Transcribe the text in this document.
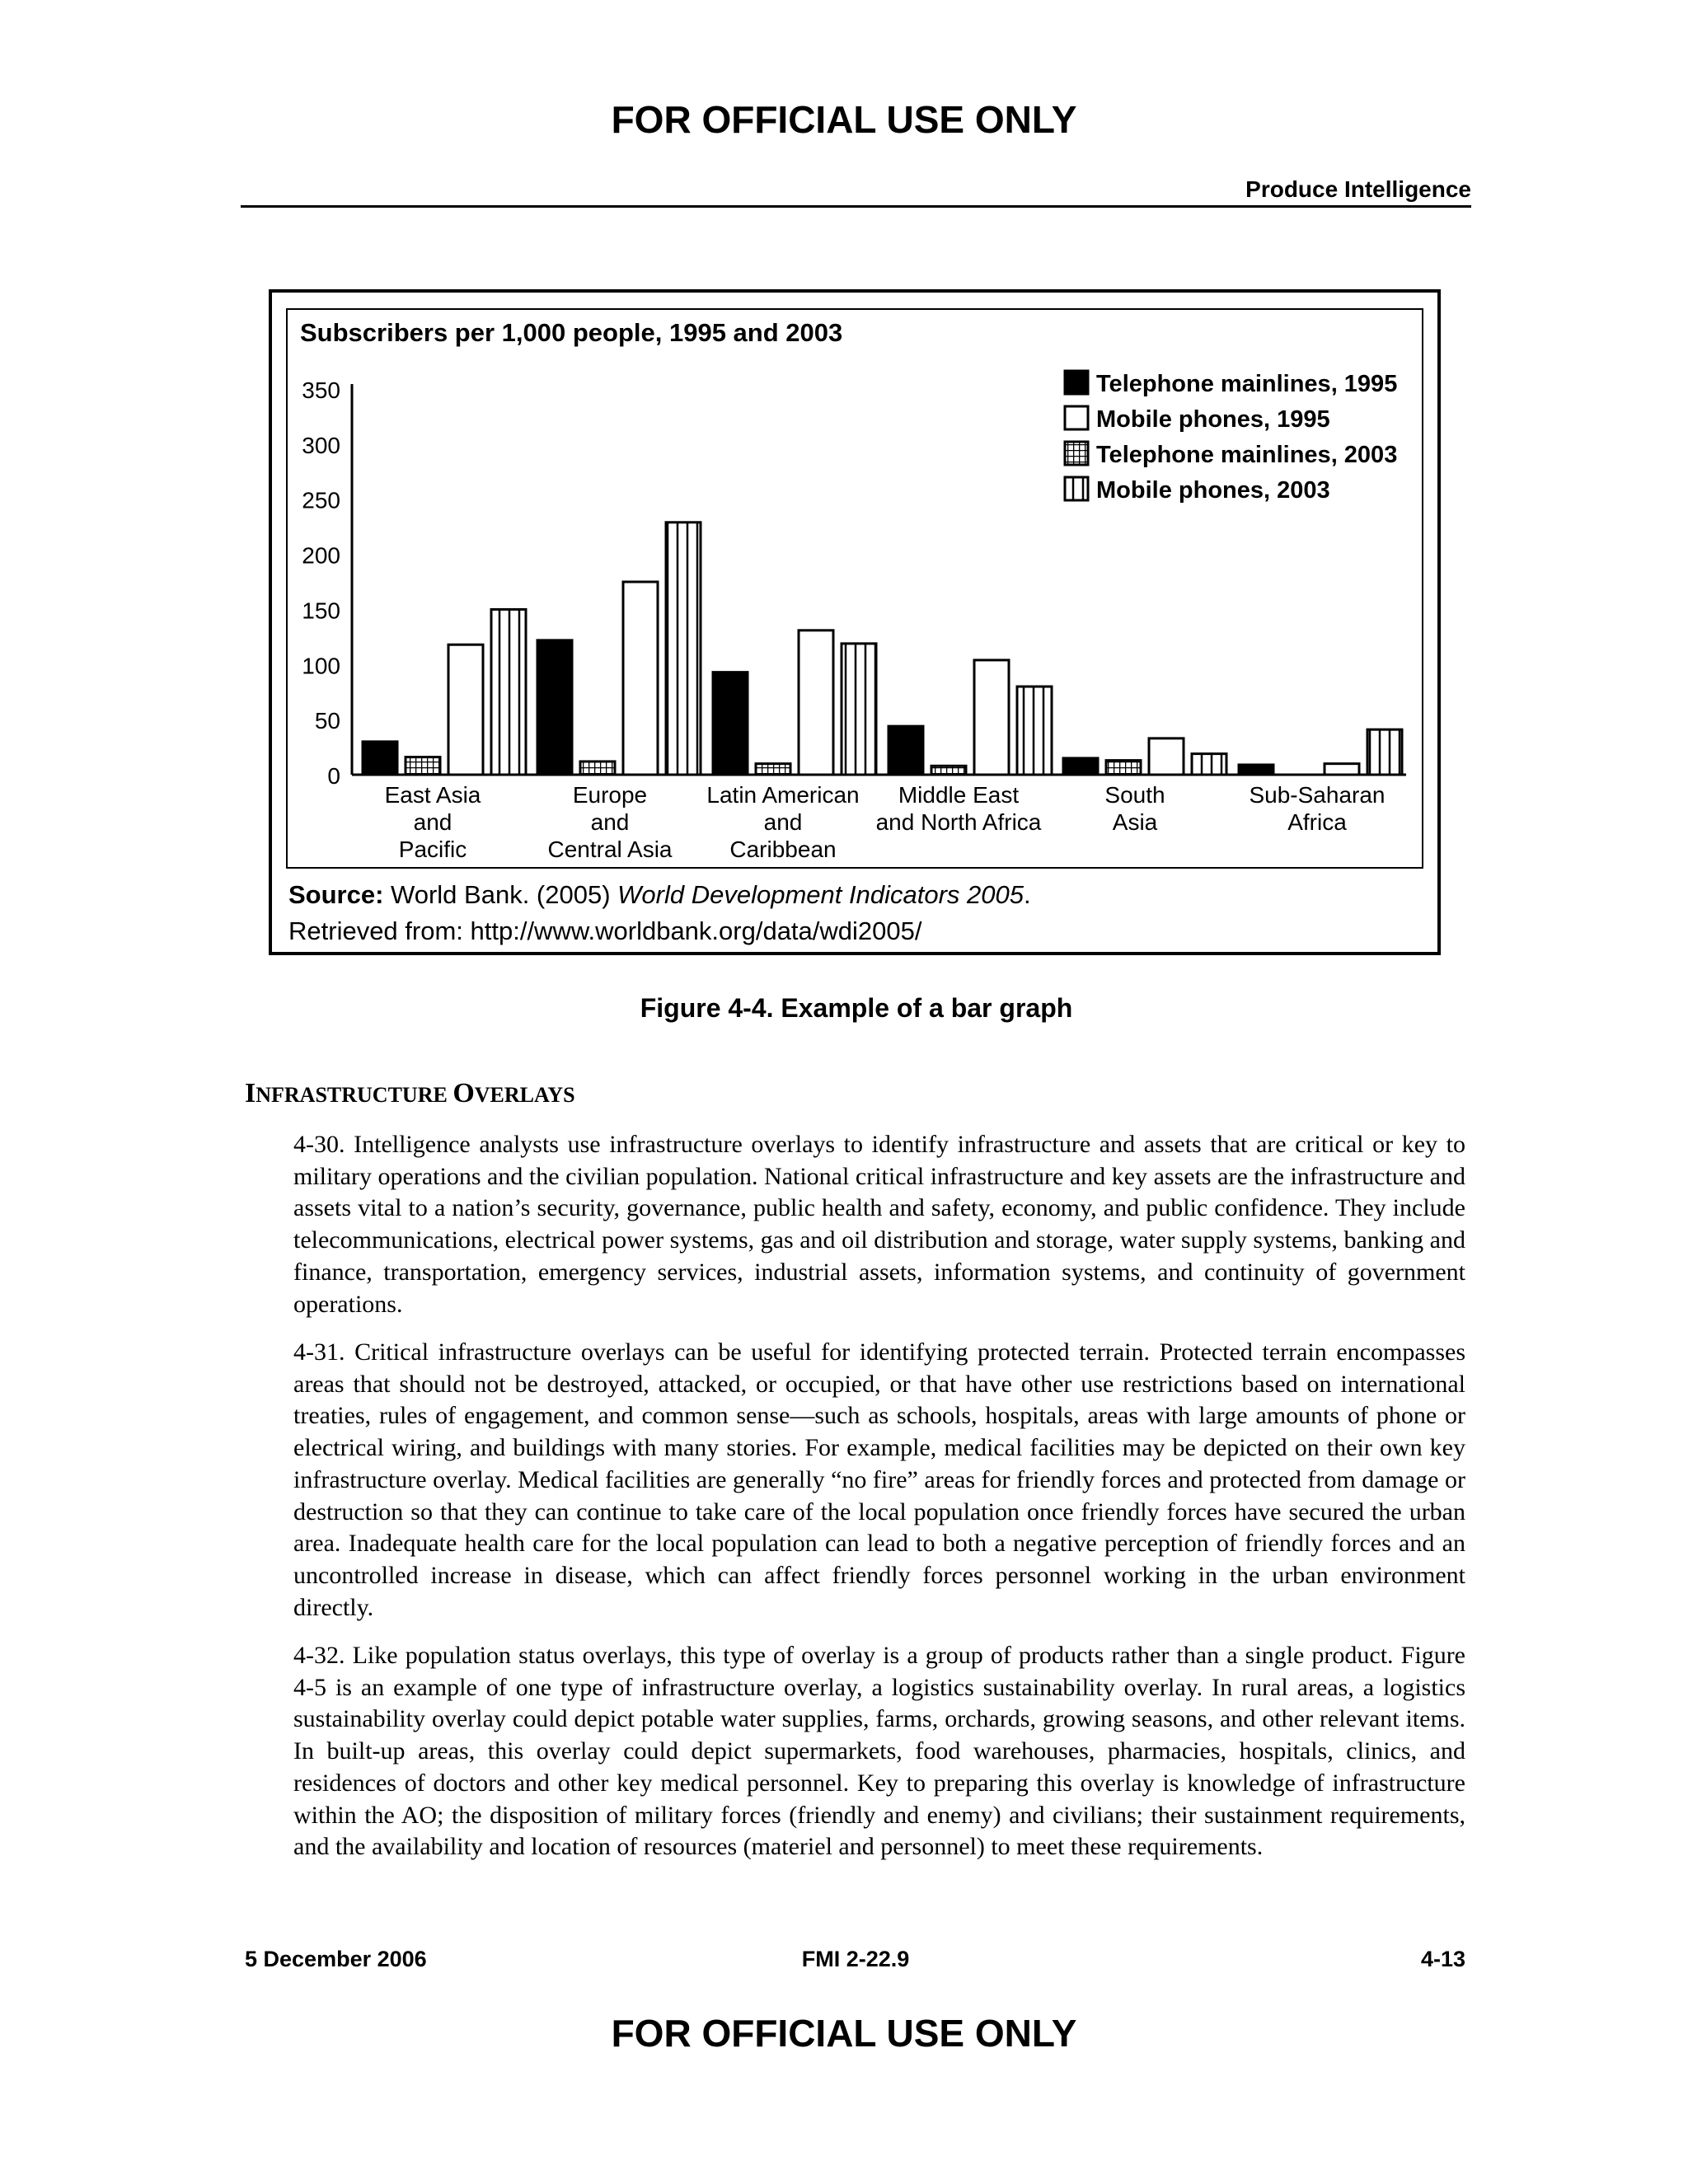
FOR OFFICIAL USE ONLY
Produce Intelligence
Subscribers per 1,000 people, 1995 and 2003
0
50
100
150
200
250
300
350
East Asia
and
Pacific
Europe
and
Central Asia
Latin American
and
Caribbean
Middle East
and North Africa
South
Asia
Sub-Saharan
Africa
Telephone mainlines, 1995
Mobile phones, 1995
Telephone mainlines, 2003
Mobile phones, 2003
Source: World Bank. (2005) World Development Indicators 2005.
Retrieved from: http://www.worldbank.org/data/wdi2005/
Figure 4-4. Example of a bar graph
INFRASTRUCTURE OVERLAYS

4-30. Intelligence analysts use infrastructure overlays to identify infrastructure and assets that are critical or key to military operations and the civilian population. National critical infrastructure and key assets are the infrastructure and assets vital to a nation’s security, governance, public health and safety, economy, and public confidence. They include telecommunications, electrical power systems, gas and oil distribution and storage, water supply systems, banking and finance, transportation, emergency services, industrial assets, information systems, and continuity of government operations.

4-31. Critical infrastructure overlays can be useful for identifying protected terrain. Protected terrain encompasses areas that should not be destroyed, attacked, or occupied, or that have other use restrictions based on international treaties, rules of engagement, and common sense—such as schools, hospitals, areas with large amounts of phone or electrical wiring, and buildings with many stories. For example, medical facilities may be depicted on their own key infrastructure overlay. Medical facilities are generally “no fire” areas for friendly forces and protected from damage or destruction so that they can continue to take care of the local population once friendly forces have secured the urban area. Inadequate health care for the local population can lead to both a negative perception of friendly forces and an uncontrolled increase in disease, which can affect friendly forces personnel working in the urban environment directly.

4-32. Like population status overlays, this type of overlay is a group of products rather than a single product. Figure 4-5 is an example of one type of infrastructure overlay, a logistics sustainability overlay. In rural areas, a logistics sustainability overlay could depict potable water supplies, farms, orchards, growing seasons, and other relevant items. In built-up areas, this overlay could depict supermarkets, food warehouses, pharmacies, hospitals, clinics, and residences of doctors and other key medical personnel. Key to preparing this overlay is knowledge of infrastructure within the AO; the disposition of military forces (friendly and enemy) and civilians; their sustainment requirements, and the availability and location of resources (materiel and personnel) to meet these requirements.

5 December 2006	FMI 2-22.9	4-13
FOR OFFICIAL USE ONLY
